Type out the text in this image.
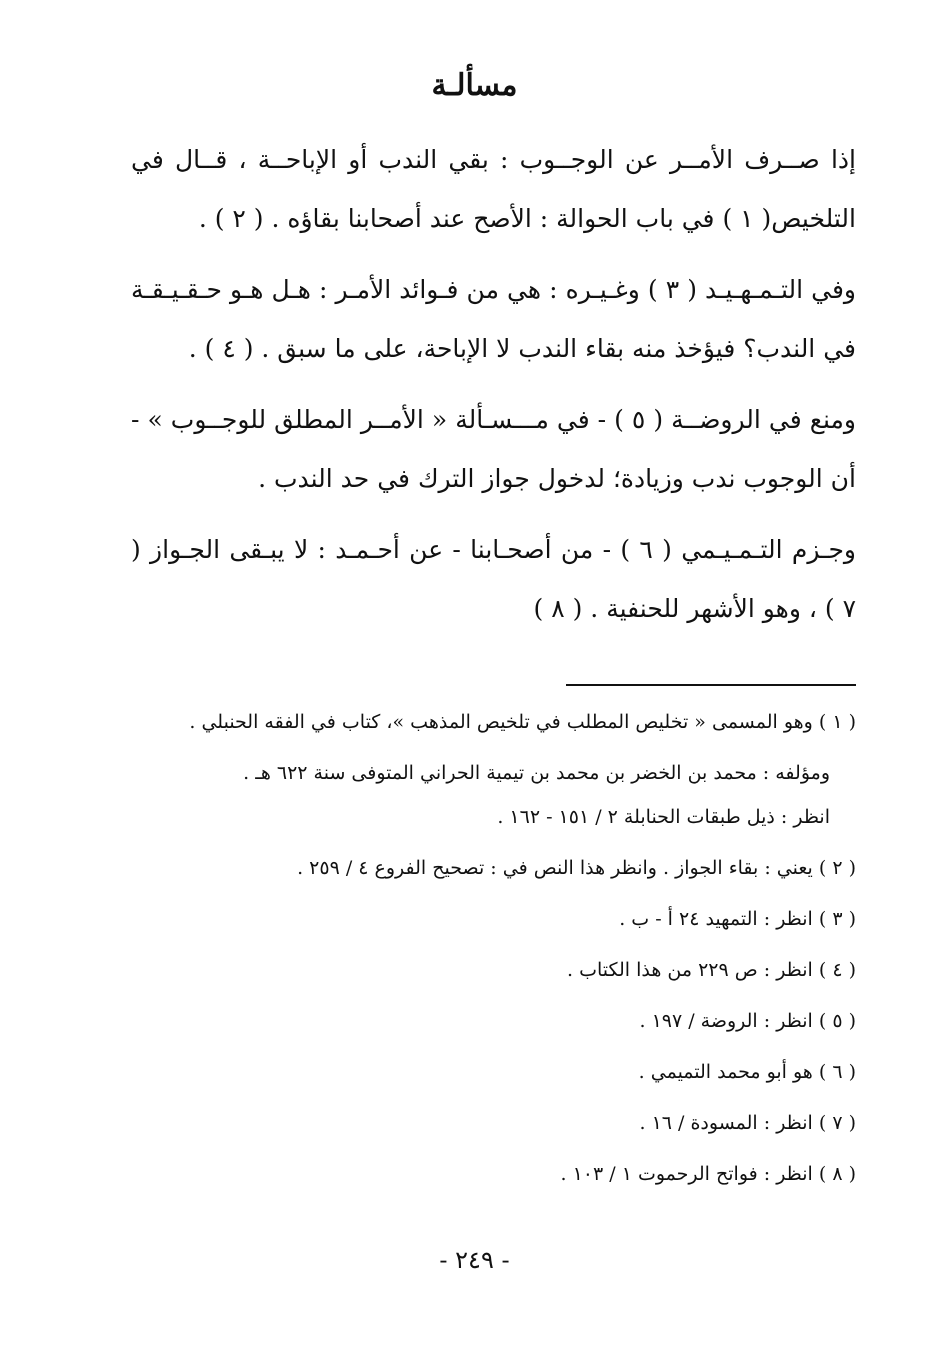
مسألـة

إذا صــرف الأمــر عن الوجــوب : بقي الندب أو الإباحــة ، قــال في التلخيص( ١ ) في باب الحوالة : الأصح عند أصحابنا بقاؤه . ( ٢ ) .

وفي التـمـهـيـد ( ٣ ) وغـيـره : هي من فـوائد الأمـر : هـل هـو حـقـيـقـة في الندب؟ فيؤخذ منه بقاء الندب لا الإباحة، على ما سبق . ( ٤ ) .

ومنع في الروضــة ( ٥ ) - في مـــسـألة « الأمــر المطلق للوجــوب » - أن الوجوب ندب وزيادة؛ لدخول جواز الترك في حد الندب .

وجـزم التـمـيـمي ( ٦ ) - من أصحـابنا - عن أحـمـد : لا يبـقى الجـواز ( ٧ ) ، وهو الأشهر للحنفية . ( ٨ )

( ١ ) وهو المسمى « تخليص المطلب في تلخيص المذهب »، كتاب في الفقه الحنبلي .
ومؤلفه : محمد بن الخضر بن محمد بن تيمية الحراني المتوفى سنة ٦٢٢ هـ .
انظر : ذيل طبقات الحنابلة ٢ / ١٥١ - ١٦٢ .
( ٢ ) يعني : بقاء الجواز . وانظر هذا النص في : تصحيح الفروع ٤ / ٢٥٩ .
( ٣ ) انظر : التمهيد ٢٤ أ - ب .
( ٤ ) انظر : ص ٢٢٩ من هذا الكتاب .
( ٥ ) انظر : الروضة / ١٩٧ .
( ٦ ) هو أبو محمد التميمي .
( ٧ ) انظر : المسودة / ١٦ .
( ٨ ) انظر : فواتح الرحموت ١ / ١٠٣ .
- ٢٤٩ -
